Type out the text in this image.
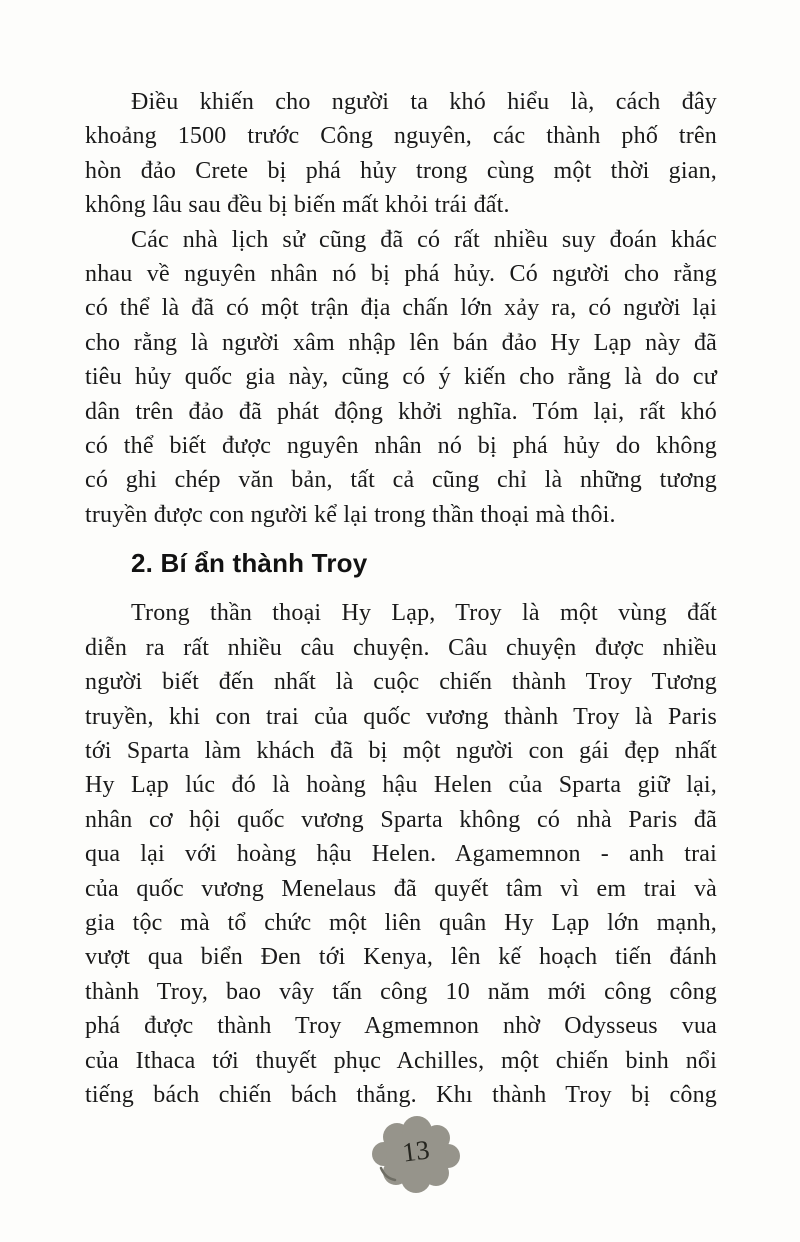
Điều khiến cho người ta khó hiểu là, cách đây
khoảng 1500 trước Công nguyên, các thành phố trên
hòn đảo Crete bị phá hủy trong cùng một thời gian,
không lâu sau đều bị biến mất khỏi trái đất.
Các nhà lịch sử cũng đã có rất nhiều suy đoán khác
nhau về nguyên nhân nó bị phá hủy. Có người cho rằng
có thể là đã có một trận địa chấn lớn xảy ra, có người lại
cho rằng là người xâm nhập lên bán đảo Hy Lạp này đã
tiêu hủy quốc gia này, cũng có ý kiến cho rằng là do cư
dân trên đảo đã phát động khởi nghĩa. Tóm lại, rất khó
có thể biết được nguyên nhân nó bị phá hủy do không
có ghi chép văn bản, tất cả cũng chỉ là những tương
truyền được con người kể lại trong thần thoại mà thôi.
2. Bí ẩn thành Troy
Trong thần thoại Hy Lạp, Troy là một vùng đất
diễn ra rất nhiều câu chuyện. Câu chuyện được nhiều
người biết đến nhất là cuộc chiến thành Troy Tương
truyền, khi con trai của quốc vương thành Troy là Paris
tới Sparta làm khách đã bị một người con gái đẹp nhất
Hy Lạp lúc đó là hoàng hậu Helen của Sparta giữ lại,
nhân cơ hội quốc vương Sparta không có nhà Paris đã
qua lại với hoàng hậu Helen. Agamemnon - anh trai
của quốc vương Menelaus đã quyết tâm vì em trai và
gia tộc mà tổ chức một liên quân Hy Lạp lớn mạnh,
vượt qua biển Đen tới Kenya, lên kế hoạch tiến đánh
thành Troy, bao vây tấn công 10 năm mới công công
phá được thành Troy Agmemnon nhờ Odysseus vua
của Ithaca tới thuyết phục Achilles, một chiến binh nổi
tiếng bách chiến bách thắng. Khı thành Troy bị công
13
